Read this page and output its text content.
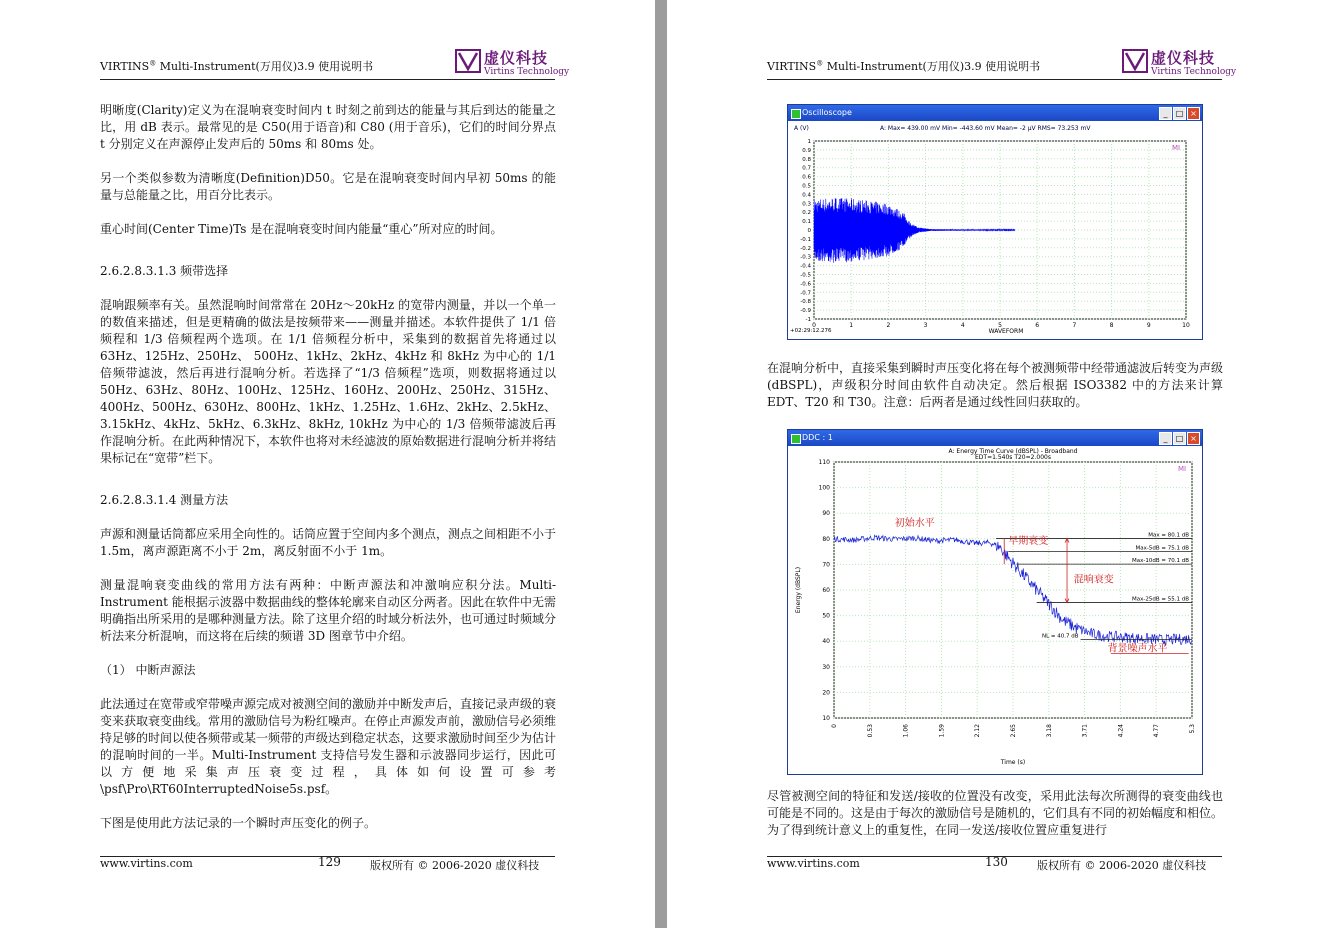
VIRTINS® Multi-Instrument(万用仪)3.9 使用说明书	虚仪科技
Virtins Technology

明晰度(Clarity)定义为在混响衰变时间内 t 时刻之前到达的能量与其后到达的能量之比，用 dB 表示。最常见的是 C50(用于语音)和 C80 (用于音乐)，它们的时间分界点 t 分别定义在声源停止发声后的 50ms 和 80ms 处。

另一个类似参数为清晰度(Definition)D50。它是在混响衰变时间内早初 50ms 的能量与总能量之比，用百分比表示。

重心时间(Center Time)Ts 是在混响衰变时间内能量“重心”所对应的时间。

2.6.2.8.3.1.3 频带选择

混响跟频率有关。虽然混响时间常常在 20Hz～20kHz 的宽带内测量，并以一个单一的数值来描述，但是更精确的做法是按频带来——测量并描述。本软件提供了 1/1 倍频程和 1/3 倍频程两个选项。在 1/1 倍频程分析中，采集到的数据首先将通过以 63Hz、125Hz、250Hz、 500Hz、1kHz、2kHz、4kHz 和 8kHz 为中心的 1/1 倍频带滤波，然后再进行混响分析。若选择了“1/3 倍频程”选项，则数据将通过以 50Hz、63Hz、80Hz、100Hz、125Hz、160Hz、200Hz、250Hz、315Hz、400Hz、500Hz、630Hz、800Hz、1kHz、1.25Hz、1.6Hz、2kHz、2.5kHz、3.15kHz、4kHz、5kHz、6.3kHz、8kHz, 10kHz 为中心的 1/3 倍频带滤波后再作混响分析。在此两种情况下，本软件也将对未经滤波的原始数据进行混响分析并将结果标记在“宽带”栏下。

2.6.2.8.3.1.4 测量方法

声源和测量话筒都应采用全向性的。话筒应置于空间内多个测点，测点之间相距不小于 1.5m，离声源距离不小于 2m，离反射面不小于 1m。

测量混响衰变曲线的常用方法有两种：中断声源法和冲激响应积分法。Multi-Instrument 能根据示波器中数据曲线的整体轮廓来自动区分两者。因此在软件中无需明确指出所采用的是哪种测量方法。除了这里介绍的时域分析法外，也可通过时频域分析法来分析混响，而这将在后续的频谱 3D 图章节中介绍。

（1） 中断声源法

此法通过在宽带或窄带噪声源完成对被测空间的激励并中断发声后，直接记录声级的衰变来获取衰变曲线。常用的激励信号为粉红噪声。在停止声源发声前，激励信号必须维持足够的时间以使各频带或某一频带的声级达到稳定状态，这要求激励时间至少为估计的混响时间的一半。Multi-Instrument 支持信号发生器和示波器同步运行，因此可以方便地采集声压衰变过程，具体如何设置可参考\psf\Pro\RT60InterruptedNoise5s.psf。

下图是使用此方法记录的一个瞬时声压变化的例子。

www.virtins.com	129	版权所有 © 2006-2020 虚仪科技
VIRTINS® Multi-Instrument(万用仪)3.9 使用说明书	虚仪科技
Virtins Technology
Oscilloscope	_ □ ×
A (V)	A: Max= 439.00 mV Min= -443.60 mV Mean= -2 µV RMS= 73.253 mV
0	1	2	3	4	5	6	7	8	9	10
1
0.9
0.8
0.7
0.6
0.5
0.4
0.3
0.2
0.1
0
-0.1
-0.2
-0.3
-0.4
-0.5
-0.6
-0.7
-0.8
-0.9
-1
MI
+02:29:12.276	WAVEFORM

在混响分析中，直接采集到瞬时声压变化将在每个被测频带中经带通滤波后转变为声级(dBSPL)，声级积分时间由软件自动决定。然后根据 ISO3382 中的方法来计算 EDT、T20 和 T30。注意：后两者是通过线性回归获取的。

DDC : 1	_ □ ×
A: Energy Time Curve (dBSPL) - Broadband
EDT=1.540s T20=2.000s
0	0.53	1.06	1.59	2.12	2.65	3.18	3.71	4.24	4.77	5.3
110
100
90
80
70
60
50
40
30
20
10
Energy (dBSPL)
Time (s)
MI
Max = 80.1 dB
Max-5dB = 75.1 dB
Max-10dB = 70.1 dB
Max-25dB = 55.1 dB
NL = 40.7 dB
初始水平
早期衰变
混响衰变
背景噪声水平

尽管被测空间的特征和发送/接收的位置没有改变，采用此法每次所测得的衰变曲线也可能是不同的。这是由于每次的激励信号是随机的，它们具有不同的初始幅度和相位。为了得到统计意义上的重复性，在同一发送/接收位置应重复进行

www.virtins.com	130	版权所有 © 2006-2020 虚仪科技
